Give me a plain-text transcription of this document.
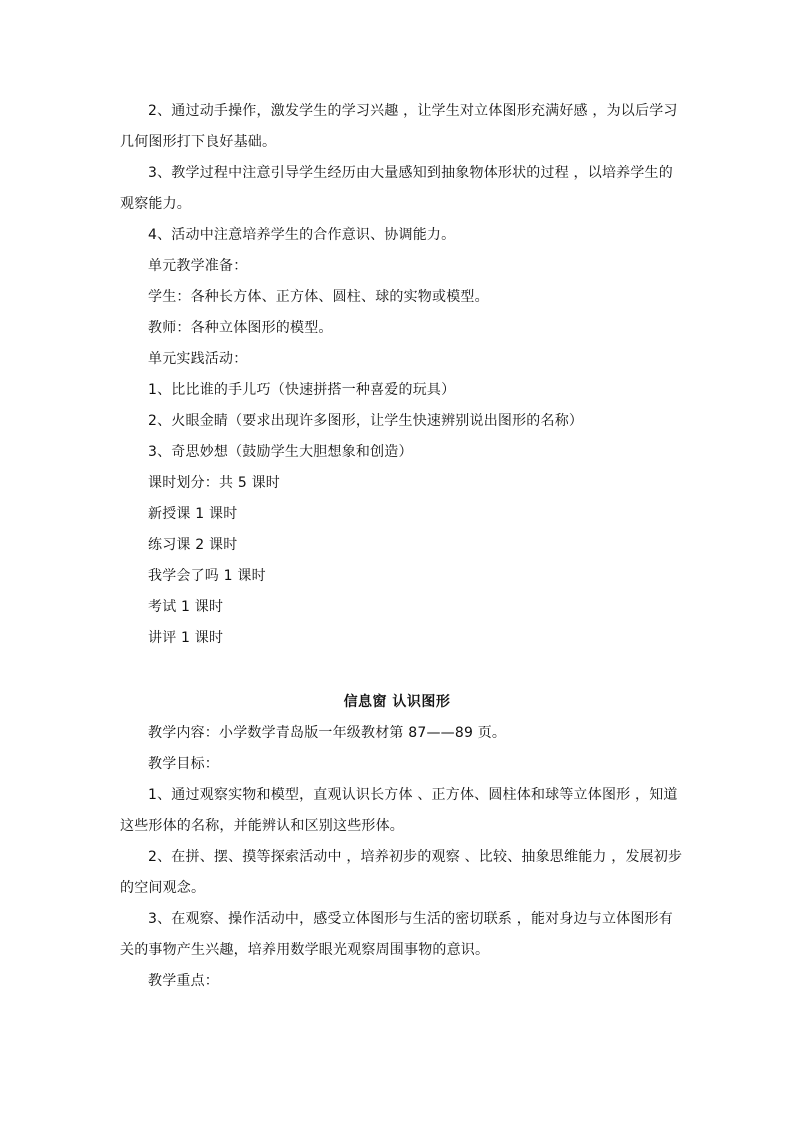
2、通过动手操作，激发学生的学习兴趣 ，让学生对立体图形充满好感 ，为以后学习
几何图形打下良好基础。
3、教学过程中注意引导学生经历由大量感知到抽象物体形状的过程 ，以培养学生的
观察能力。
4、活动中注意培养学生的合作意识、协调能力。
单元教学准备：
学生：各种长方体、正方体、圆柱、球的实物或模型。
教师：各种立体图形的模型。
单元实践活动：
1、比比谁的手儿巧（快速拼搭一种喜爱的玩具）
2、火眼金睛（要求出现许多图形，让学生快速辨别说出图形的名称）
3、奇思妙想（鼓励学生大胆想象和创造）
课时划分：共 5 课时
新授课 1 课时
练习课 2 课时
我学会了吗 1 课时
考试 1 课时
讲评 1 课时
信息窗 认识图形
教学内容：小学数学青岛版一年级教材第 87——89 页。
教学目标：
1、通过观察实物和模型，直观认识长方体 、正方体、圆柱体和球等立体图形 ，知道
这些形体的名称，并能辨认和区别这些形体。
2、在拼、摆、摸等探索活动中 ，培养初步的观察 、比较、抽象思维能力 ，发展初步
的空间观念。
3、在观察、操作活动中，感受立体图形与生活的密切联系 ，能对身边与立体图形有
关的事物产生兴趣，培养用数学眼光观察周围事物的意识。
教学重点：
